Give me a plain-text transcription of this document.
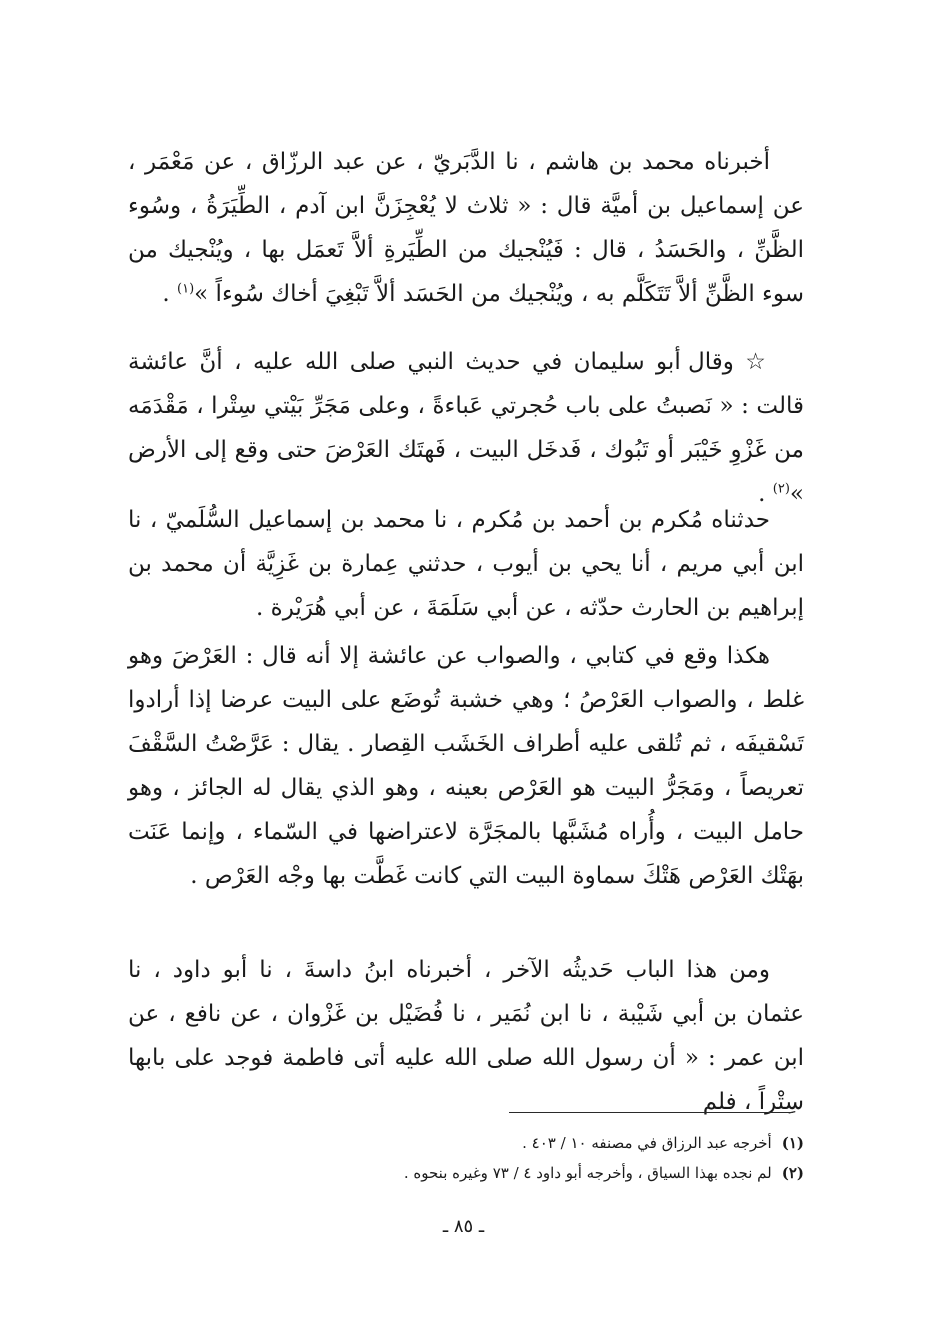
أخبرناه محمد بن هاشم ، نا الدَّبَريّ ، عن عبد الرزّاق ، عن مَعْمَر ، عن إسماعيل بن أميَّة قال : « ثلاث لا يُعْجِزَنَّ ابن آدم ، الطِّيَرَةُ ، وسُوء الظَّنِّ ، والحَسَدُ ، قال : فَيُنْجيك من الطِّيَرةِ ألاَّ تَعمَل بها ، ويُنْجيك من سوء الظَّنِّ ألاَّ تَتَكَلَّم به ، ويُنْجيك من الحَسَد ألاَّ تَبْغِيَ أخاك سُوءاً »$^{(١)}$ .

☆ وقال أبو سليمان في حديث النبي صلى الله عليه ، أنَّ عائشة قالت : « نَصبتُ على باب حُجرتي عَباءةً ، وعلى مَجَرِّ بَيْتي سِتْرا ، مَقْدَمَه من غَزْوِ خَيْبَر أو تَبُوك ، فَدخَل البيت ، فَهتَك العَرْضَ حتى وقع إلى الأرض »$^{(٢)}$ .

حدثناه مُكرم بن أحمد بن مُكرم ، نا محمد بن إسماعيل السُّلَميّ ، نا ابن أبي مريم ، أنا يحي بن أيوب ، حدثني عِمارة بن غَزِيَّة أن محمد بن إبراهيم بن الحارث حدّثه ، عن أبي سَلَمَةَ ، عن أبي هُرَيْرة .

هكذا وقع في كتابي ، والصواب عن عائشة إلا أنه قال : العَرْضَ وهو غلط ، والصواب العَرْصُ ؛ وهي خشبة تُوضَع على البيت عرضا إذا أرادوا تَسْقيفَه ، ثم تُلقى عليه أطراف الخَشَب القِصار . يقال : عَرَّصْتُ السَّقْفَ تعريصاً ، ومَجَرُّ البيت هو العَرْص بعينه ، وهو الذي يقال له الجائز ، وهو حامل البيت ، وأُراه مُشَبَّها بالمجَرَّة لاعتراضها في السّماء ، وإنما عَنَت بهَتْك العَرْص هَتْكَ سماوة البيت التي كانت غَطَّت بها وجْه العَرْص .

ومن هذا الباب حَديثُه الآخر ، أخبرناه ابنُ داسةَ ، نا أبو داود ، نا عثمان بن أبي شَيْبة ، نا ابن نُمَير ، نا فُضَيْل بن غَزْوان ، عن نافع ، عن ابن عمر : « أن رسول الله صلى الله عليه أتى فاطمة فوجد على بابها سِتْراً ، فلم

(١)أخرجه عبد الرزاق في مصنفه ١٠ / ٤٠٣ .

(٢)لم نجده بهذا السياق ، وأخرجه أبو داود ٤ / ٧٣ وغيره بنحوه .

ـ ٨٥ ـ
